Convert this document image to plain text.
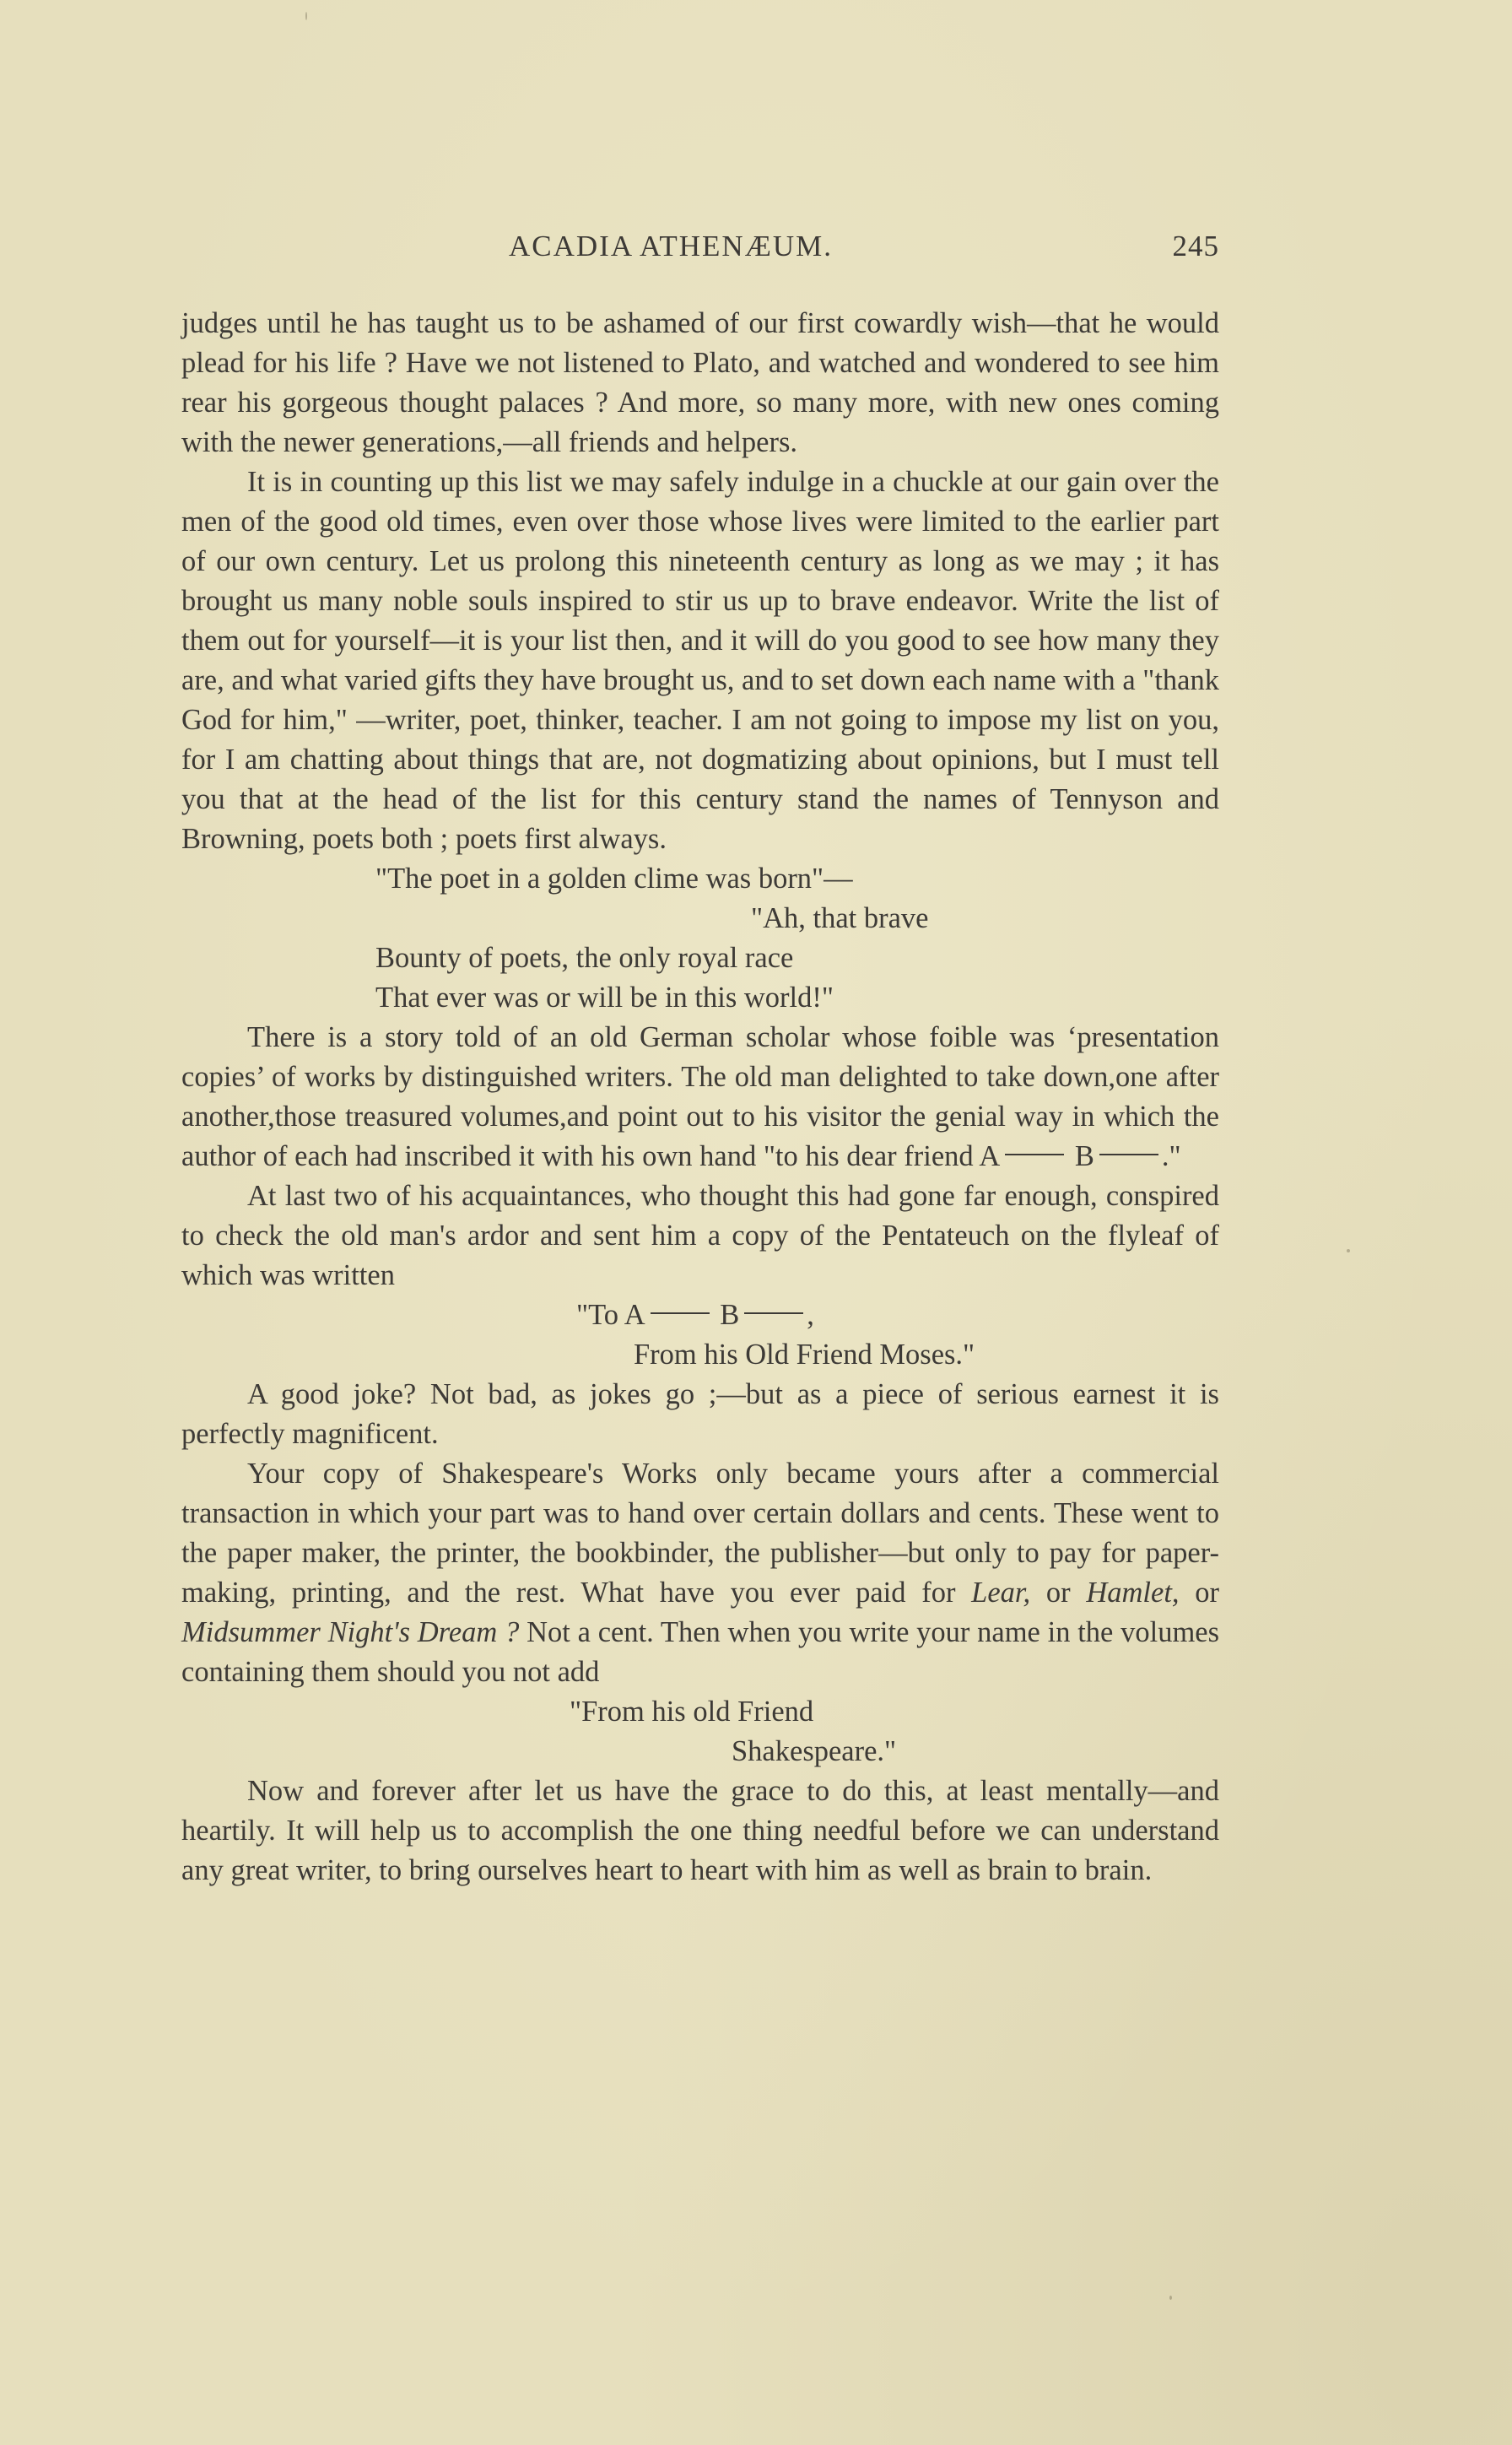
ACADIA ATHENÆUM.	245

judges until he has taught us to be ashamed of our first cowardly wish—that he would plead for his life ? Have we not listened to Plato, and watched and wondered to see him rear his gorgeous thought palaces ? And more, so many more, with new ones coming with the newer generations,—all friends and helpers.

It is in counting up this list we may safely indulge in a chuckle at our gain over the men of the good old times, even over those whose lives were limited to the earlier part of our own century. Let us prolong this nineteenth century as long as we may ; it has brought us many noble souls inspired to stir us up to brave endeavor. Write the list of them out for yourself—it is your list then, and it will do you good to see how many they are, and what varied gifts they have brought us, and to set down each name with a "thank God for him," —writer, poet, thinker, teacher. I am not going to impose my list on you, for I am chatting about things that are, not dogmatizing about opinions, but I must tell you that at the head of the list for this century stand the names of Tennyson and Browning, poets both ; poets first always.

"The poet in a golden clime was born"—
"Ah, that brave
Bounty of poets, the only royal race
That ever was or will be in this world!"

There is a story told of an old German scholar whose foible was ‘presentation copies’ of works by distinguished writers. The old man delighted to take down,one after another,those treasured volumes,and point out to his visitor the genial way in which the author of each had inscribed it with his own hand "to his dear friend A	B ."

At last two of his acquaintances, who thought this had gone far enough, conspired to check the old man's ardor and sent him a copy of the Pentateuch on the flyleaf of which was written

"To A	B ,
From his Old Friend Moses."

A good joke? Not bad, as jokes go ;—but as a piece of serious earnest it is perfectly magnificent.

Your copy of Shakespeare's Works only became yours after a commercial transaction in which your part was to hand over certain dollars and cents. These went to the paper maker, the printer, the bookbinder, the publisher—but only to pay for paper-making, printing, and the rest. What have you ever paid for Lear, or Hamlet, or Midsummer Night's Dream ? Not a cent. Then when you write your name in the volumes containing them should you not add

"From his old Friend
Shakespeare."

Now and forever after let us have the grace to do this, at least mentally—and heartily. It will help us to accomplish the one thing needful before we can understand any great writer, to bring ourselves heart to heart with him as well as brain to brain.
